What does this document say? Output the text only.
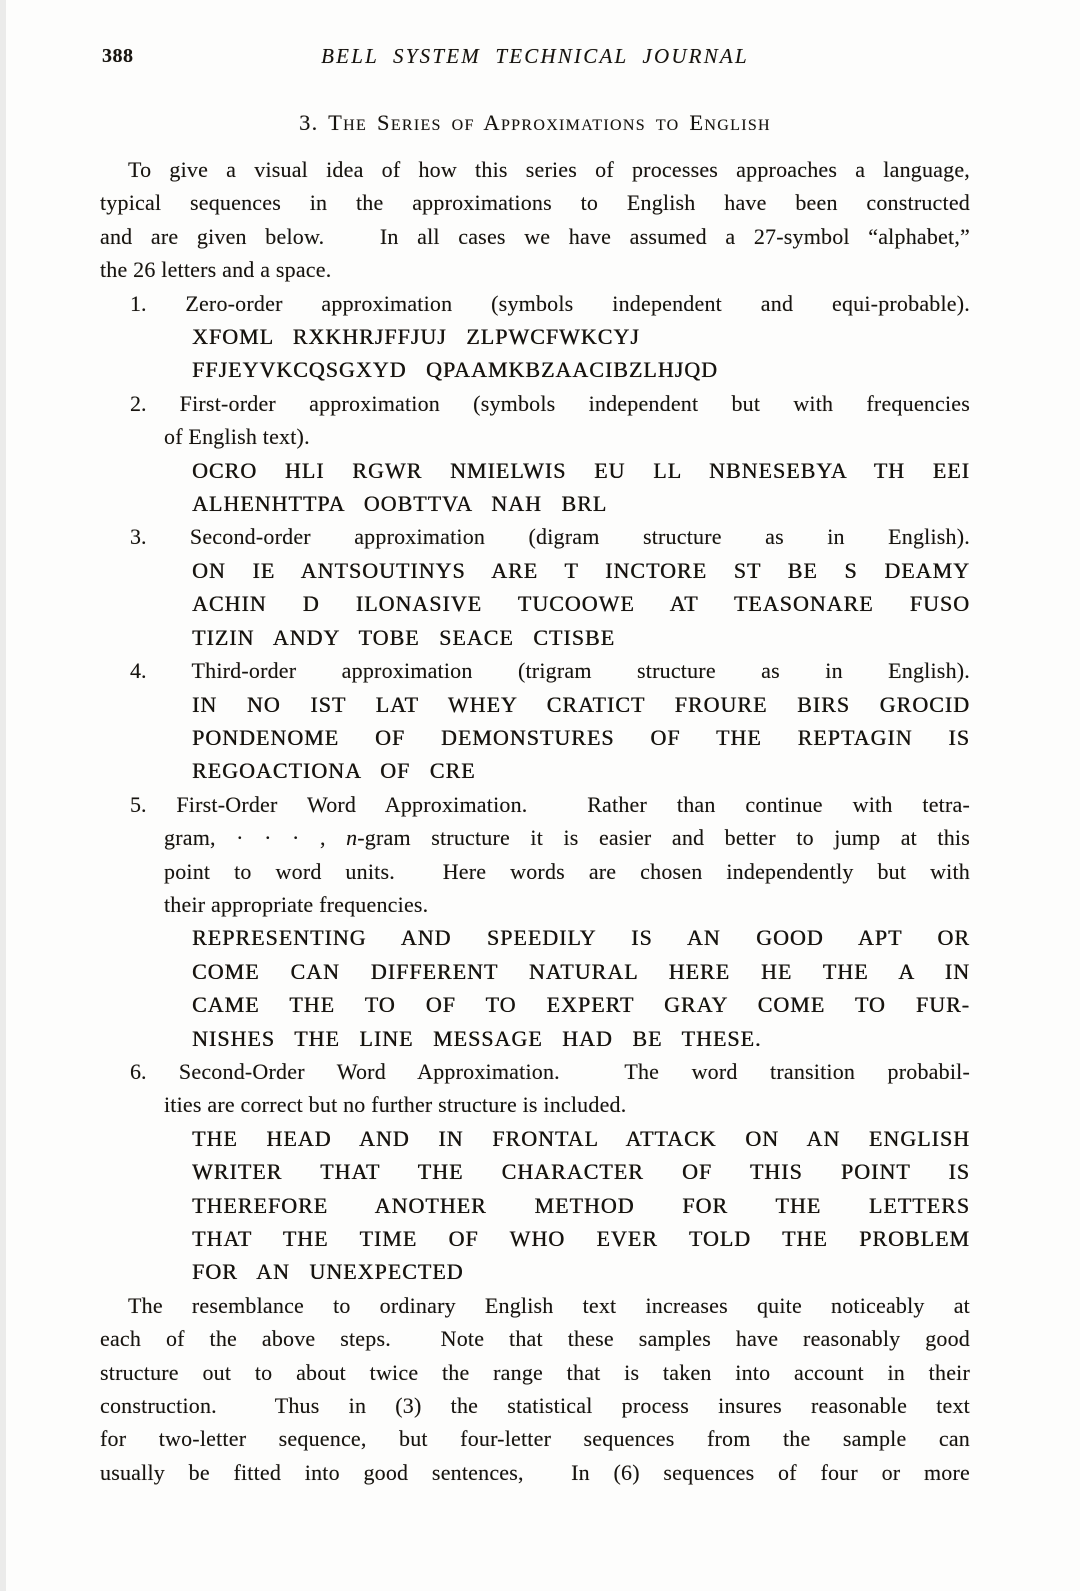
388	BELL SYSTEM TECHNICAL JOURNAL
3. The Series of Approximations to English
To give a visual idea of how this series of processes approaches a language,
typical sequences in the approximations to English have been constructed
and are given below.   In all cases we have assumed a 27-symbol “alphabet,”
the 26 letters and a space.
1. Zero-order approximation (symbols independent and equi-probable).
XFOML RXKHRJFFJUJ ZLPWCFWKCYJ
FFJEYVKCQSGXYD QPAAMKBZAACIBZLHJQD
2. First-order approximation (symbols independent but with frequencies
of English text).
OCRO HLI RGWR NMIELWIS EU LL NBNESEBYA TH EEI
ALHENHTTPA OOBTTVA NAH BRL
3. Second-order approximation (digram structure as in English).
ON IE ANTSOUTINYS ARE T INCTORE ST BE S DEAMY
ACHIN D ILONASIVE TUCOOWE AT TEASONARE FUSO
TIZIN ANDY TOBE SEACE CTISBE
4. Third-order approximation (trigram structure as in English).
IN NO IST LAT WHEY CRATICT FROURE BIRS GROCID
PONDENOME OF DEMONSTURES OF THE REPTAGIN IS
REGOACTIONA OF CRE
5. First-Order Word Approximation.  Rather than continue with tetra-
gram, · · · , n-gram structure it is easier and better to jump at this
point to word units.  Here words are chosen independently but with
their appropriate frequencies.
REPRESENTING AND SPEEDILY IS AN GOOD APT OR
COME CAN DIFFERENT NATURAL HERE HE THE A IN
CAME THE TO OF TO EXPERT GRAY COME TO FUR-
NISHES THE LINE MESSAGE HAD BE THESE.
6. Second-Order Word Approximation.  The word transition probabil-
ities are correct but no further structure is included.
THE HEAD AND IN FRONTAL ATTACK ON AN ENGLISH
WRITER THAT THE CHARACTER OF THIS POINT IS
THEREFORE ANOTHER METHOD FOR THE LETTERS
THAT THE TIME OF WHO EVER TOLD THE PROBLEM
FOR AN UNEXPECTED
The resemblance to ordinary English text increases quite noticeably at
each of the above steps.  Note that these samples have reasonably good
structure out to about twice the range that is taken into account in their
construction.  Thus in (3) the statistical process insures reasonable text
for two-letter sequence, but four-letter sequences from the sample can
usually be fitted into good sentences,  In (6) sequences of four or more
